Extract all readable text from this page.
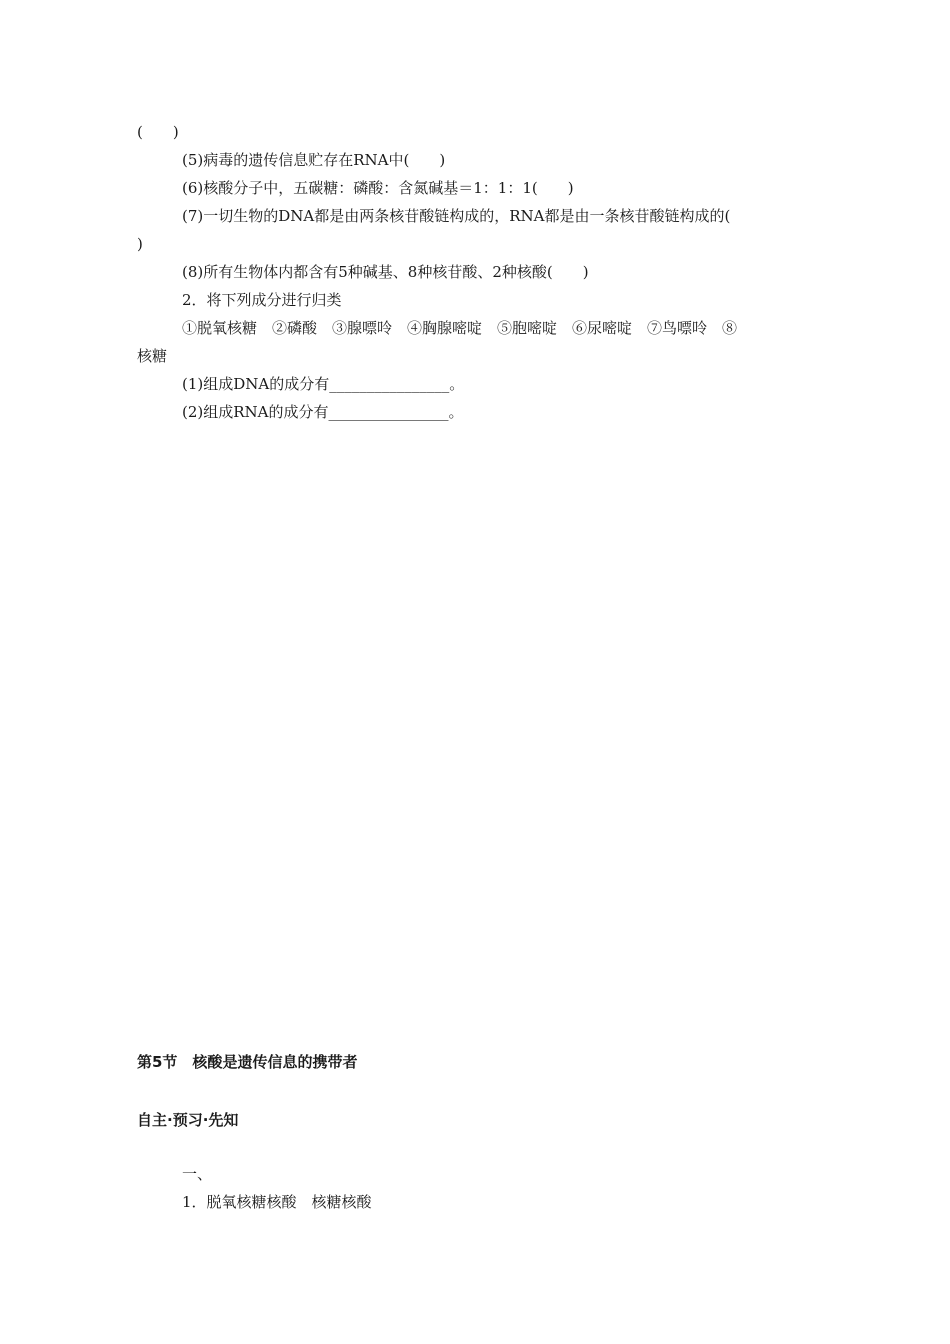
(　　)
(5)病毒的遗传信息贮存在RNA中(　　)
(6)核酸分子中，五碳糖：磷酸：含氮碱基＝1：1：1(　　)
(7)一切生物的DNA都是由两条核苷酸链构成的，RNA都是由一条核苷酸链构成的(
)
(8)所有生物体内都含有5种碱基、8种核苷酸、2种核酸(　　)
2．将下列成分进行归类
①脱氧核糖　②磷酸　③腺嘌呤　④胸腺嘧啶　⑤胞嘧啶　⑥尿嘧啶　⑦鸟嘌呤　⑧
核糖
(1)组成DNA的成分有________________。
(2)组成RNA的成分有________________。
第5节　核酸是遗传信息的携带者
自主·预习·先知
一、
1．脱氧核糖核酸　核糖核酸
